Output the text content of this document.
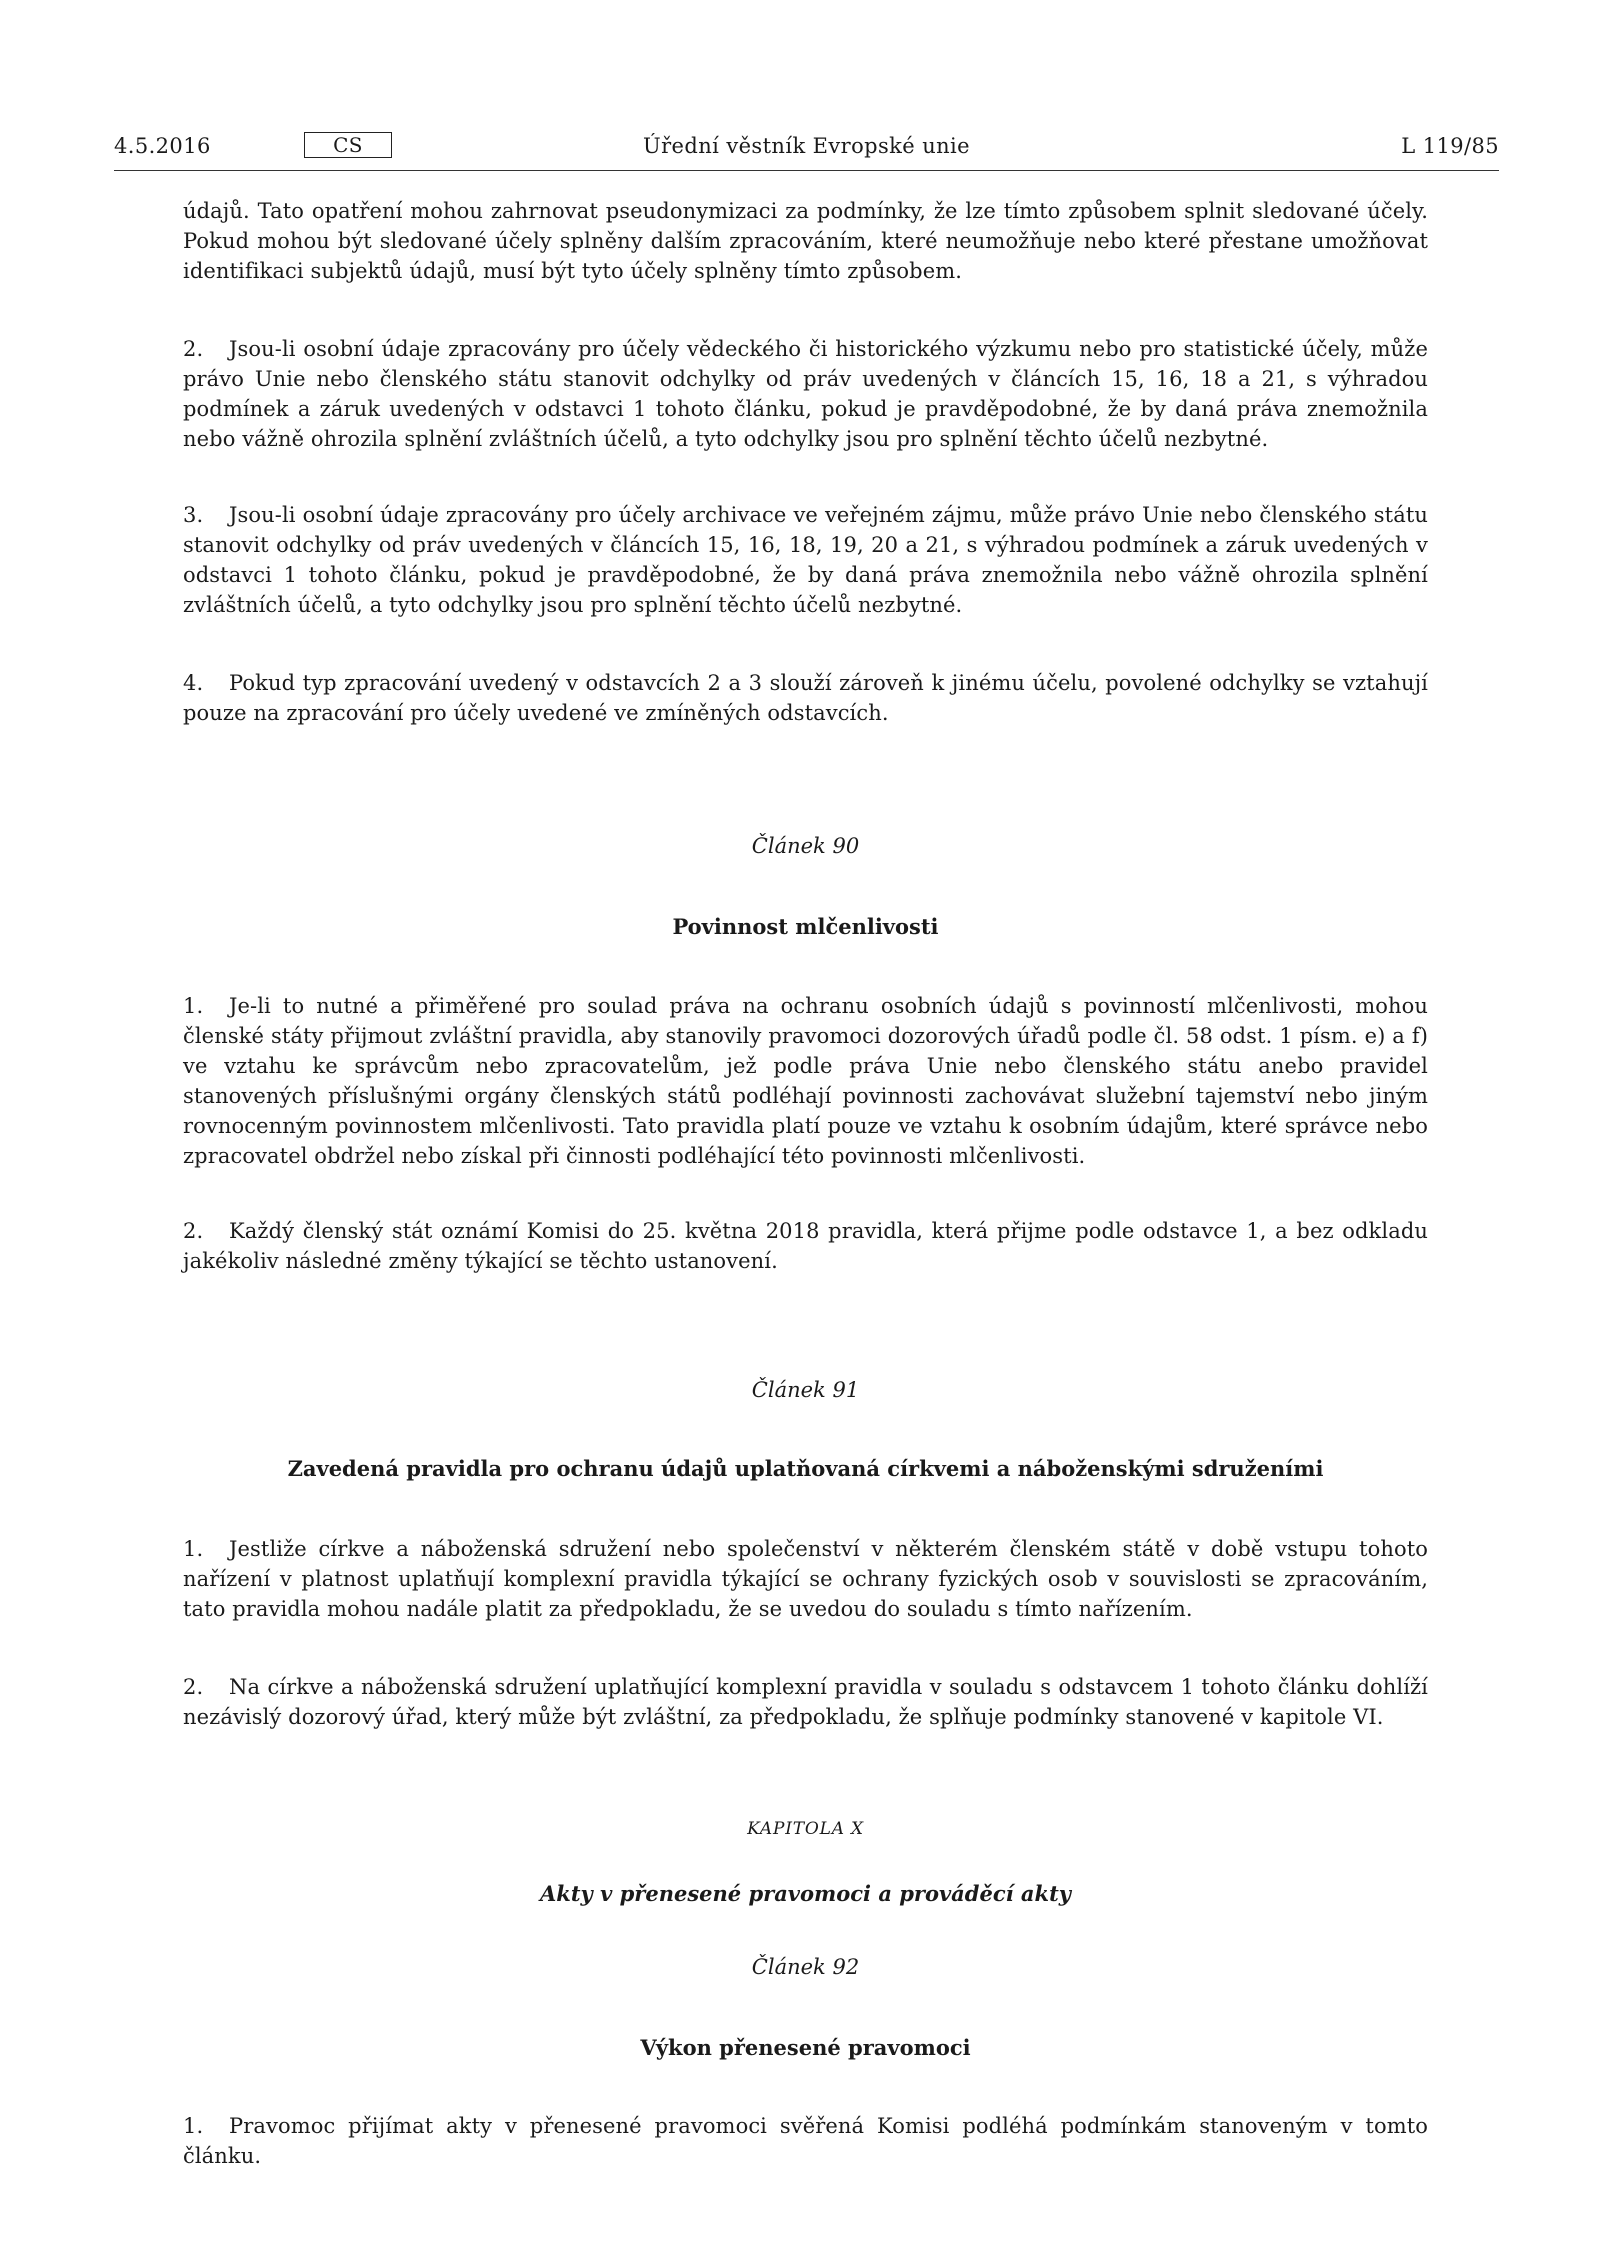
4.5.2016	CS	Úřední věstník Evropské unie	L 119/85
údajů. Tato opatření mohou zahrnovat pseudonymizaci za podmínky, že lze tímto způsobem splnit sledované účely. Pokud mohou být sledované účely splněny dalším zpracováním, které neumožňuje nebo které přestane umožňovat identifikaci subjektů údajů, musí být tyto účely splněny tímto způsobem.
2. Jsou-li osobní údaje zpracovány pro účely vědeckého či historického výzkumu nebo pro statistické účely, může právo Unie nebo členského státu stanovit odchylky od práv uvedených v článcích 15, 16, 18 a 21, s výhradou podmínek a záruk uvedených v odstavci 1 tohoto článku, pokud je pravděpodobné, že by daná práva znemožnila nebo vážně ohrozila splnění zvláštních účelů, a tyto odchylky jsou pro splnění těchto účelů nezbytné.
3. Jsou-li osobní údaje zpracovány pro účely archivace ve veřejném zájmu, může právo Unie nebo členského státu stanovit odchylky od práv uvedených v článcích 15, 16, 18, 19, 20 a 21, s výhradou podmínek a záruk uvedených v odstavci 1 tohoto článku, pokud je pravděpodobné, že by daná práva znemožnila nebo vážně ohrozila splnění zvláštních účelů, a tyto odchylky jsou pro splnění těchto účelů nezbytné.
4. Pokud typ zpracování uvedený v odstavcích 2 a 3 slouží zároveň k jinému účelu, povolené odchylky se vztahují pouze na zpracování pro účely uvedené ve zmíněných odstavcích.
Článek 90
Povinnost mlčenlivosti
1. Je-li to nutné a přiměřené pro soulad práva na ochranu osobních údajů s povinností mlčenlivosti, mohou členské státy přijmout zvláštní pravidla, aby stanovily pravomoci dozorových úřadů podle čl. 58 odst. 1 písm. e) a f) ve vztahu ke správcům nebo zpracovatelům, jež podle práva Unie nebo členského státu anebo pravidel stanovených příslušnými orgány členských států podléhají povinnosti zachovávat služební tajemství nebo jiným rovnocenným povinnostem mlčenlivosti. Tato pravidla platí pouze ve vztahu k osobním údajům, které správce nebo zpracovatel obdržel nebo získal při činnosti podléhající této povinnosti mlčenlivosti.
2. Každý členský stát oznámí Komisi do 25. května 2018 pravidla, která přijme podle odstavce 1, a bez odkladu jakékoliv následné změny týkající se těchto ustanovení.
Článek 91
Zavedená pravidla pro ochranu údajů uplatňovaná církvemi a náboženskými sdruženími
1. Jestliže církve a náboženská sdružení nebo společenství v některém členském státě v době vstupu tohoto nařízení v platnost uplatňují komplexní pravidla týkající se ochrany fyzických osob v souvislosti se zpracováním, tato pravidla mohou nadále platit za předpokladu, že se uvedou do souladu s tímto nařízením.
2. Na církve a náboženská sdružení uplatňující komplexní pravidla v souladu s odstavcem 1 tohoto článku dohlíží nezávislý dozorový úřad, který může být zvláštní, za předpokladu, že splňuje podmínky stanovené v kapitole VI.
KAPITOLA X
Akty v přenesené pravomoci a prováděcí akty
Článek 92
Výkon přenesené pravomoci
1. Pravomoc přijímat akty v přenesené pravomoci svěřená Komisi podléhá podmínkám stanoveným v tomto článku.
